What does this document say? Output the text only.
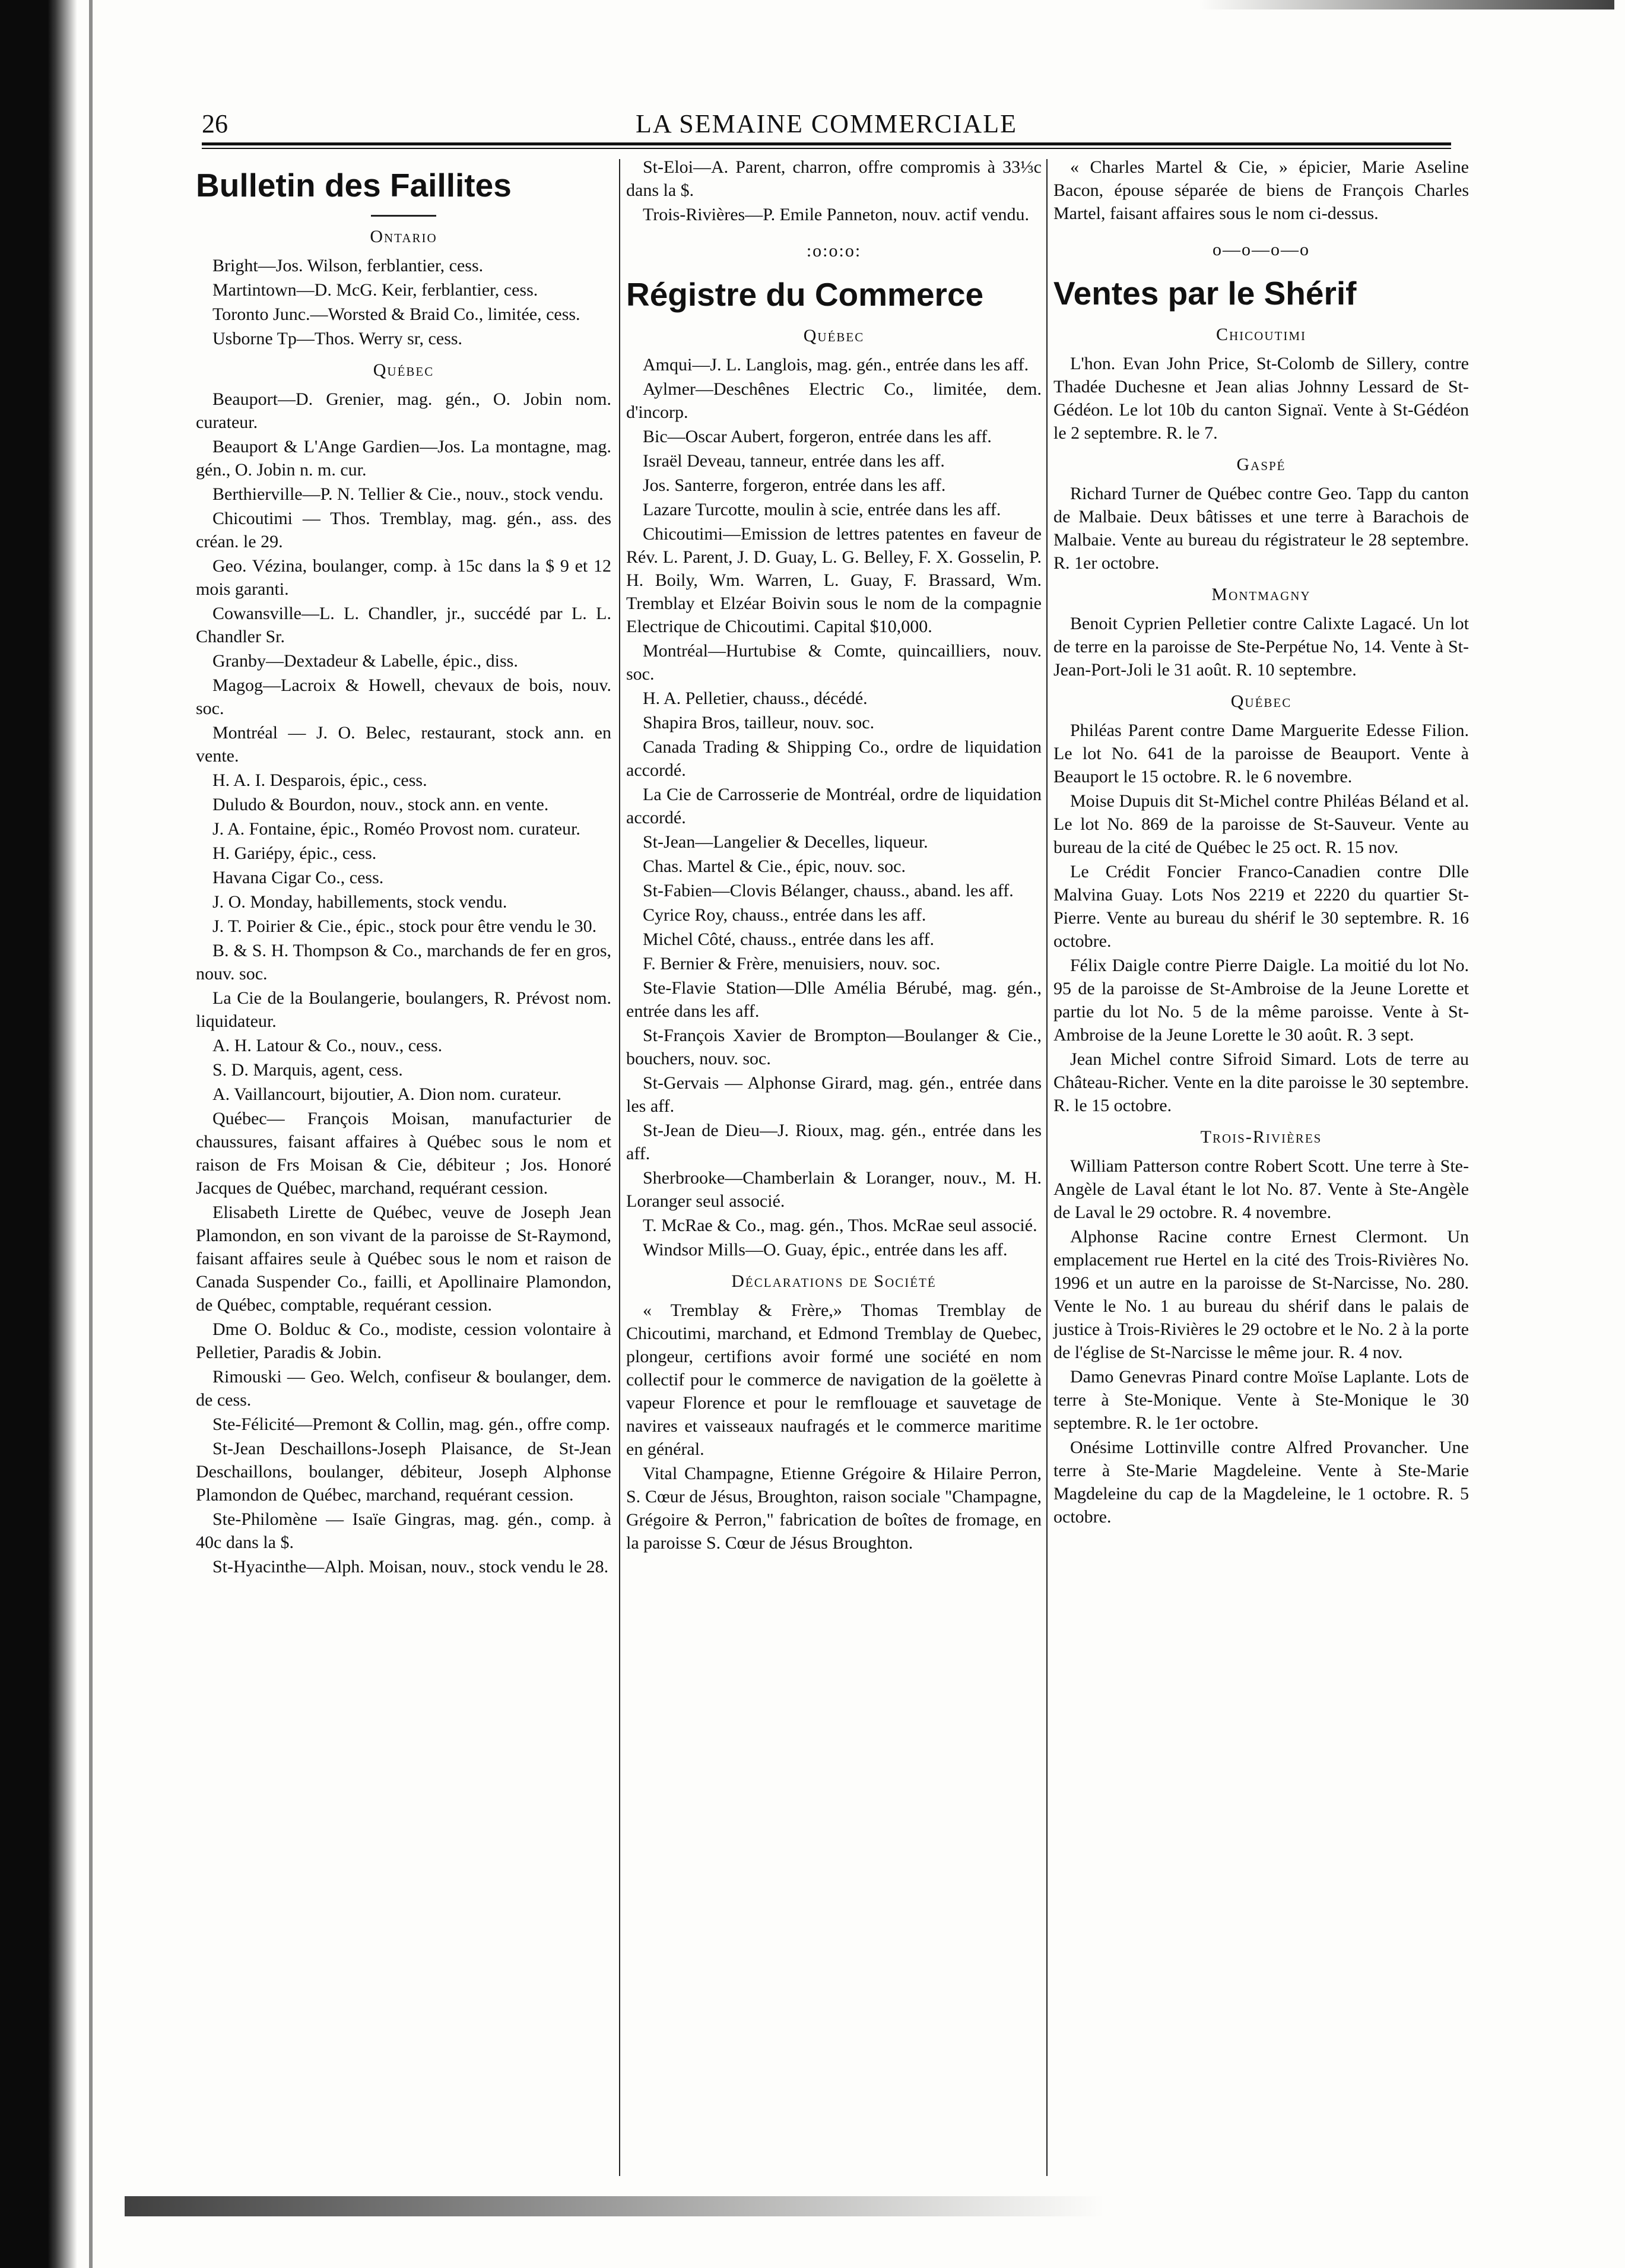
26	LA SEMAINE COMMERCIALE
Bulletin des Faillites
Ontario

Bright—Jos. Wilson, ferblantier, cess.

Martintown—D. McG. Keir, ferblantier, cess.

Toronto Junc.—Worsted & Braid Co., limitée, cess.

Usborne Tp—Thos. Werry sr, cess.

Québec

Beauport—D. Grenier, mag. gén., O. Jobin nom. curateur.

Beauport & L'Ange Gardien—Jos. La montagne, mag. gén., O. Jobin n. m. cur.

Berthierville—P. N. Tellier & Cie., nouv., stock vendu.

Chicoutimi — Thos. Tremblay, mag. gén., ass. des créan. le 29.

Geo. Vézina, boulanger, comp. à 15c dans la $ 9 et 12 mois garanti.

Cowansville—L. L. Chandler, jr., succédé par L. L. Chandler Sr.

Granby—Dextadeur & Labelle, épic., diss.

Magog—Lacroix & Howell, chevaux de bois, nouv. soc.

Montréal — J. O. Belec, restaurant, stock ann. en vente.

H. A. I. Desparois, épic., cess.

Duludo & Bourdon, nouv., stock ann. en vente.

J. A. Fontaine, épic., Roméo Provost nom. curateur.

H. Gariépy, épic., cess.

Havana Cigar Co., cess.

J. O. Monday, habillements, stock vendu.

J. T. Poirier & Cie., épic., stock pour être vendu le 30.

B. & S. H. Thompson & Co., marchands de fer en gros, nouv. soc.

La Cie de la Boulangerie, boulangers, R. Prévost nom. liquidateur.

A. H. Latour & Co., nouv., cess.

S. D. Marquis, agent, cess.

A. Vaillancourt, bijoutier, A. Dion nom. curateur.

Québec— François Moisan, manufacturier de chaussures, faisant affaires à Québec sous le nom et raison de Frs Moisan & Cie, débiteur ; Jos. Honoré Jacques de Québec, marchand, requérant cession.

Elisabeth Lirette de Québec, veuve de Joseph Jean Plamondon, en son vivant de la paroisse de St-Raymond, faisant affaires seule à Québec sous le nom et raison de Canada Suspender Co., failli, et Apollinaire Plamondon, de Québec, comptable, requérant cession.

Dme O. Bolduc & Co., modiste, cession volontaire à Pelletier, Paradis & Jobin.

Rimouski — Geo. Welch, confiseur & boulanger, dem. de cess.

Ste-Félicité—Premont & Collin, mag. gén., offre comp.

St-Jean Deschaillons-Joseph Plaisance, de St-Jean Deschaillons, boulanger, débiteur, Joseph Alphonse Plamondon de Québec, marchand, requérant cession.

Ste-Philomène — Isaïe Gingras, mag. gén., comp. à 40c dans la $.

St-Hyacinthe—Alph. Moisan, nouv., stock vendu le 28.

St-Eloi—A. Parent, charron, offre compromis à 33⅓c dans la $.

Trois-Rivières—P. Emile Panneton, nouv. actif vendu.

:o:o:o:
Régistre du Commerce
Québec

Amqui—J. L. Langlois, mag. gén., entrée dans les aff.

Aylmer—Deschênes Electric Co., limitée, dem. d'incorp.

Bic—Oscar Aubert, forgeron, entrée dans les aff.

Israël Deveau, tanneur, entrée dans les aff.

Jos. Santerre, forgeron, entrée dans les aff.

Lazare Turcotte, moulin à scie, entrée dans les aff.

Chicoutimi—Emission de lettres patentes en faveur de Rév. L. Parent, J. D. Guay, L. G. Belley, F. X. Gosselin, P. H. Boily, Wm. Warren, L. Guay, F. Brassard, Wm. Tremblay et Elzéar Boivin sous le nom de la compagnie Electrique de Chicoutimi. Capital $10,000.

Montréal—Hurtubise & Comte, quincailliers, nouv. soc.

H. A. Pelletier, chauss., décédé.

Shapira Bros, tailleur, nouv. soc.

Canada Trading & Shipping Co., ordre de liquidation accordé.

La Cie de Carrosserie de Montréal, ordre de liquidation accordé.

St-Jean—Langelier & Decelles, liqueur.

Chas. Martel & Cie., épic, nouv. soc.

St-Fabien—Clovis Bélanger, chauss., aband. les aff.

Cyrice Roy, chauss., entrée dans les aff.

Michel Côté, chauss., entrée dans les aff.

F. Bernier & Frère, menuisiers, nouv. soc.

Ste-Flavie Station—Dlle Amélia Bérubé, mag. gén., entrée dans les aff.

St-François Xavier de Brompton—Boulanger & Cie., bouchers, nouv. soc.

St-Gervais — Alphonse Girard, mag. gén., entrée dans les aff.

St-Jean de Dieu—J. Rioux, mag. gén., entrée dans les aff.

Sherbrooke—Chamberlain & Loranger, nouv., M. H. Loranger seul associé.

T. McRae & Co., mag. gén., Thos. McRae seul associé.

Windsor Mills—O. Guay, épic., entrée dans les aff.

Déclarations de Société

« Tremblay & Frère,» Thomas Tremblay de Chicoutimi, marchand, et Edmond Tremblay de Quebec, plongeur, certifions avoir formé une société en nom collectif pour le commerce de navigation de la goëlette à vapeur Florence et pour le remflouage et sauvetage de navires et vaisseaux naufragés et le commerce maritime en général.

Vital Champagne, Etienne Grégoire & Hilaire Perron, S. Cœur de Jésus, Broughton, raison sociale "Champagne, Grégoire & Perron," fabrication de boîtes de fromage, en la paroisse S. Cœur de Jésus Broughton.

« Charles Martel & Cie, » épicier, Marie Aseline Bacon, épouse séparée de biens de François Charles Martel, faisant affaires sous le nom ci-dessus.

o—o—o—o
Ventes par le Shérif
Chicoutimi

L'hon. Evan John Price, St-Colomb de Sillery, contre Thadée Duchesne et Jean alias Johnny Lessard de St-Gédéon. Le lot 10b du canton Signaï. Vente à St-Gédéon le 2 septembre. R. le 7.

Gaspé

Richard Turner de Québec contre Geo. Tapp du canton de Malbaie. Deux bâtisses et une terre à Barachois de Malbaie. Vente au bureau du régistrateur le 28 septembre. R. 1er octobre.

Montmagny

Benoit Cyprien Pelletier contre Calixte Lagacé. Un lot de terre en la paroisse de Ste-Perpétue No, 14. Vente à St-Jean-Port-Joli le 31 août. R. 10 septembre.

Québec

Philéas Parent contre Dame Marguerite Edesse Filion. Le lot No. 641 de la paroisse de Beauport. Vente à Beauport le 15 octobre. R. le 6 novembre.

Moise Dupuis dit St-Michel contre Philéas Béland et al. Le lot No. 869 de la paroisse de St-Sauveur. Vente au bureau de la cité de Québec le 25 oct. R. 15 nov.

Le Crédit Foncier Franco-Canadien contre Dlle Malvina Guay. Lots Nos 2219 et 2220 du quartier St-Pierre. Vente au bureau du shérif le 30 septembre. R. 16 octobre.

Félix Daigle contre Pierre Daigle. La moitié du lot No. 95 de la paroisse de St-Ambroise de la Jeune Lorette et partie du lot No. 5 de la même paroisse. Vente à St-Ambroise de la Jeune Lorette le 30 août. R. 3 sept.

Jean Michel contre Sifroid Simard. Lots de terre au Château-Richer. Vente en la dite paroisse le 30 septembre. R. le 15 octobre.

Trois-Rivières

William Patterson contre Robert Scott. Une terre à Ste-Angèle de Laval étant le lot No. 87. Vente à Ste-Angèle de Laval le 29 octobre. R. 4 novembre.

Alphonse Racine contre Ernest Clermont. Un emplacement rue Hertel en la cité des Trois-Rivières No. 1996 et un autre en la paroisse de St-Narcisse, No. 280. Vente le No. 1 au bureau du shérif dans le palais de justice à Trois-Rivières le 29 octobre et le No. 2 à la porte de l'église de St-Narcisse le même jour. R. 4 nov.

Damo Genevras Pinard contre Moïse Laplante. Lots de terre à Ste-Monique. Vente à Ste-Monique le 30 septembre. R. le 1er octobre.

Onésime Lottinville contre Alfred Provancher. Une terre à Ste-Marie Magdeleine. Vente à Ste-Marie Magdeleine du cap de la Magdeleine, le 1 octobre. R. 5 octobre.
